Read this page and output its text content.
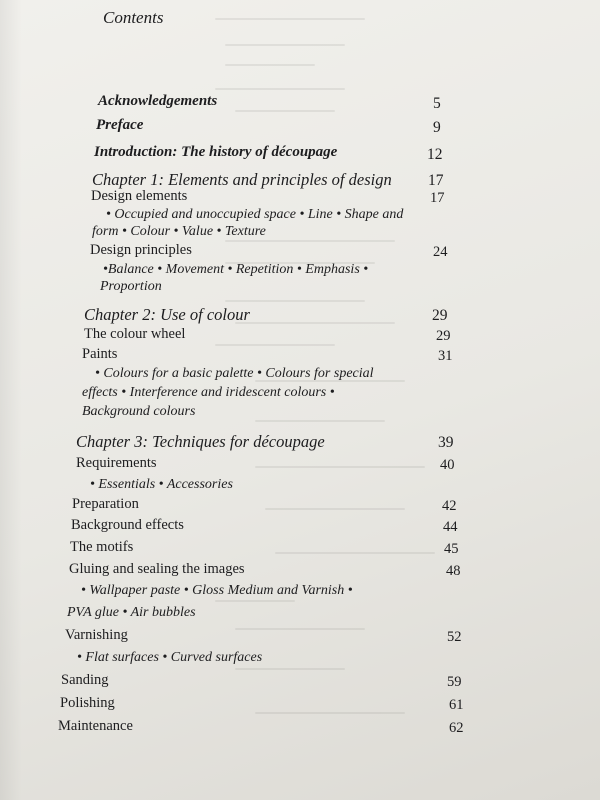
Contents
Acknowledgements	5
Preface	9
Introduction: The history of découpage	12
Chapter 1: Elements and principles of design 17
Design elements	17
• Occupied and unoccupied space • Line • Shape and
form • Colour • Value • Texture
Design principles	24
•Balance • Movement • Repetition • Emphasis •
Proportion
Chapter 2: Use of colour	29
The colour wheel	29
Paints	31
• Colours for a basic palette • Colours for special
effects • Interference and iridescent colours •
Background colours
Chapter 3: Techniques for découpage	39
Requirements	40
• Essentials • Accessories
Preparation	42
Background effects	44
The motifs	45
Gluing and sealing the images	48
• Wallpaper paste • Gloss Medium and Varnish •
PVA glue • Air bubbles
Varnishing	52
• Flat surfaces • Curved surfaces
Sanding	59
Polishing	61
Maintenance	62
